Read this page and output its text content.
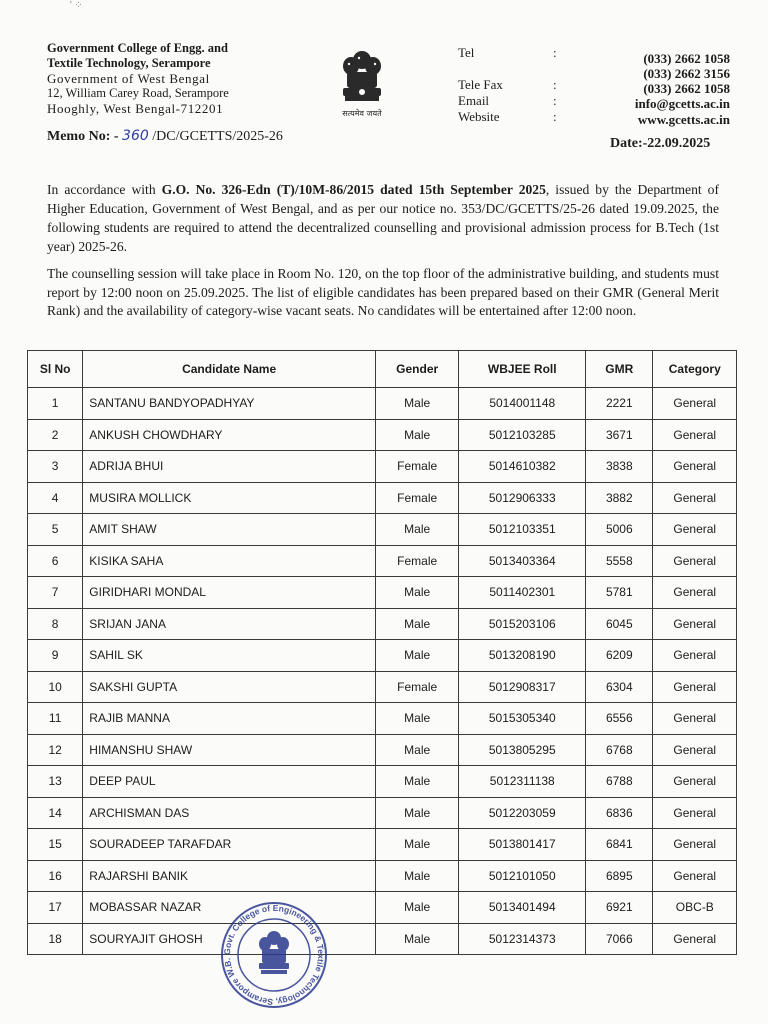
' ⁘
Government College of Engg. and
Textile Technology, Serampore
Government of West Bengal
12, William Carey Road, Serampore
Hooghly, West Bengal-712201	सत्यमेव जयते
Tel	:	(033) 2662 1058
(033) 2662 3156
Tele Fax	:	(033) 2662 1058
Email	:	info@gcetts.ac.in
Website	:	www.gcetts.ac.in
Memo No: - 360 /DC/GCETTS/2025-26	Date:-22.09.2025
In accordance with G.O. No. 326-Edn (T)/10M-86/2015 dated 15th September 2025, issued by the Department of Higher Education, Government of West Bengal, and as per our notice no. 353/DC/GCETTS/25-26 dated 19.09.2025, the following students are required to attend the decentralized counselling and provisional admission process for B.Tech (1st year) 2025-26.
The counselling session will take place in Room No. 120, on the top floor of the administrative building, and students must report by 12:00 noon on 25.09.2025. The list of eligible candidates has been prepared based on their GMR (General Merit Rank) and the availability of category-wise vacant seats. No candidates will be entertained after 12:00 noon.
Sl No	Candidate Name	Gender	WBJEE Roll	GMR	Category
1	SANTANU BANDYOPADHYAY	Male	5014001148	2221	General
2	ANKUSH CHOWDHARY	Male	5012103285	3671	General
3	ADRIJA BHUI	Female	5014610382	3838	General
4	MUSIRA MOLLICK	Female	5012906333	3882	General
5	AMIT SHAW	Male	5012103351	5006	General
6	KISIKA SAHA	Female	5013403364	5558	General
7	GIRIDHARI MONDAL	Male	5011402301	5781	General
8	SRIJAN JANA	Male	5015203106	6045	General
9	SAHIL SK	Male	5013208190	6209	General
10	SAKSHI GUPTA	Female	5012908317	6304	General
11	RAJIB MANNA	Male	5015305340	6556	General
12	HIMANSHU SHAW	Male	5013805295	6768	General
13	DEEP PAUL	Male	5012311138	6788	General
14	ARCHISMAN DAS	Male	5012203059	6836	General
15	SOURADEEP TARAFDAR	Male	5013801417	6841	General
16	RAJARSHI BANIK	Male	5012101050	6895	General
17	MOBASSAR NAZAR	Male	5013401494	6921	OBC-B
18	SOURYAJIT GHOSH	Male	5012314373	7066	General
Govt. College of Engineering & Textile Technology, Serampore W.B.
